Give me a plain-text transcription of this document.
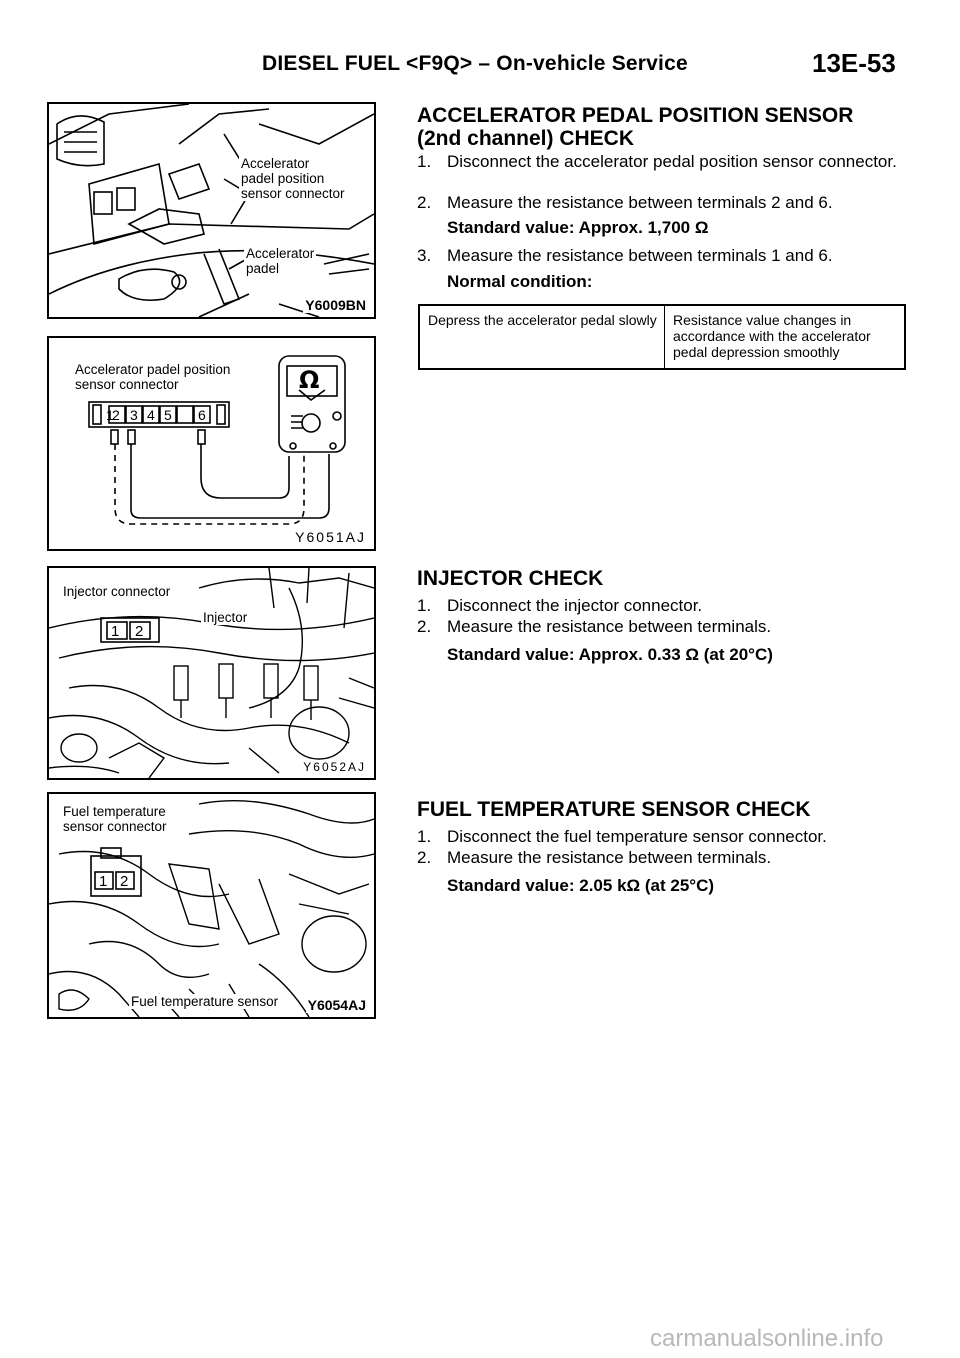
DIESEL FUEL <F9Q> – On-vehicle Service	13E-53
Accelerator
padel position
sensor connector
Accelerator
padel
Y6009BN
Accelerator padel position
sensor connector
1
2 3 4 5 6
Ω
Y6051AJ
1 2
Injector connector
Injector
Y6052AJ
1 2
Fuel temperature
sensor connector
Fuel temperature sensor Y6054AJ
ACCELERATOR PEDAL POSITION SENSOR
(2nd channel) CHECK
1. Disconnect the accelerator pedal position sensor connector.
2. Measure the resistance between terminals 2 and 6.
Standard value: Approx. 1,700 Ω
3. Measure the resistance between terminals 1 and 6.
Normal condition:
Depress the accelerator pedal slowly	Resistance value changes in accordance with the accelerator pedal depression smoothly
INJECTOR CHECK
1. Disconnect the injector connector.
2. Measure the resistance between terminals.
Standard value: Approx. 0.33 Ω (at 20°C)
FUEL TEMPERATURE SENSOR CHECK
1. Disconnect the fuel temperature sensor connector.
2. Measure the resistance between terminals.
Standard value: 2.05 kΩ (at 25°C)
carmanualsonline.info
